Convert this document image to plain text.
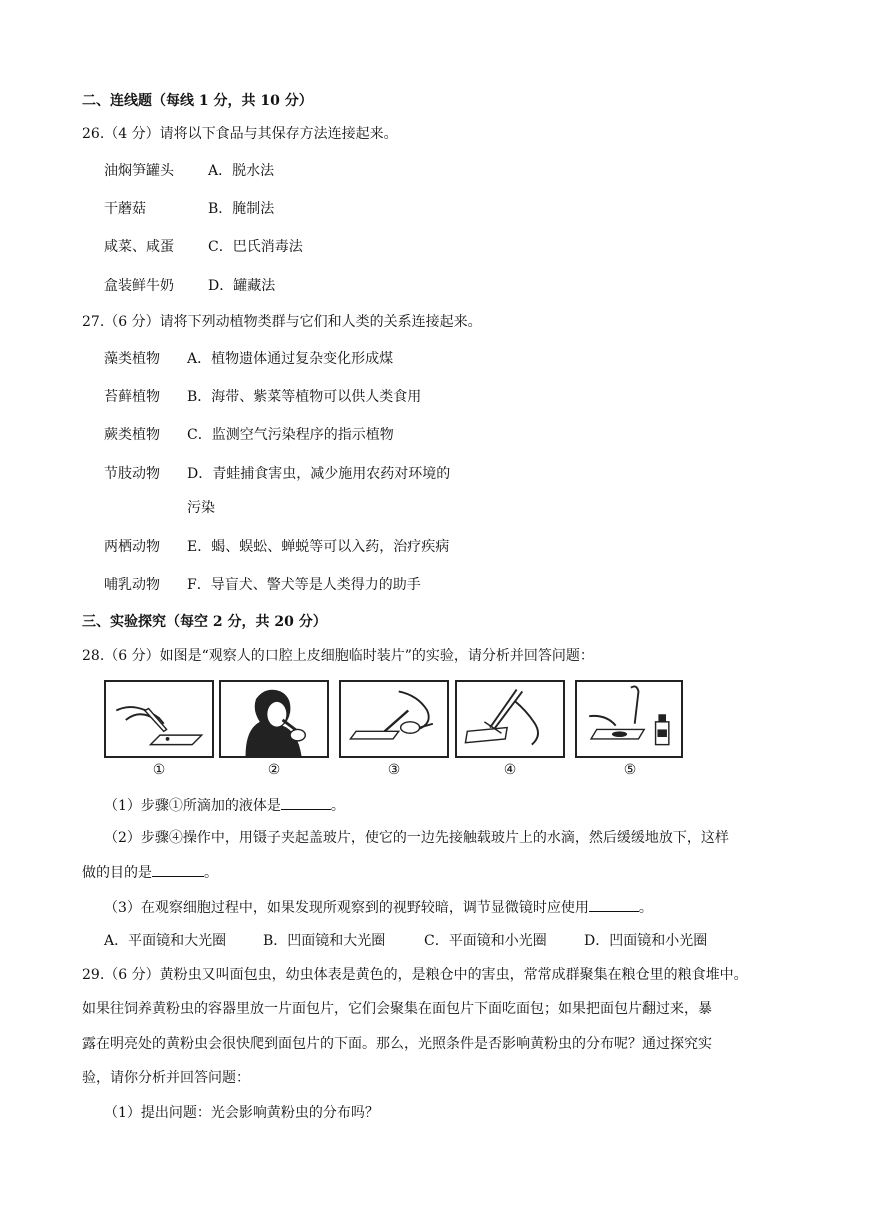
二、连线题（每线 1 分，共 10 分）
26.（4 分）请将以下食品与其保存方法连接起来。
油焖笋罐头 A．脱水法
干蘑菇	B．腌制法
咸菜、咸蛋 C．巴氏消毒法
盒装鲜牛奶 D．罐藏法
27.（6 分）请将下列动植物类群与它们和人类的关系连接起来。
藻类植物 A．植物遗体通过复杂变化形成煤
苔藓植物 B．海带、紫菜等植物可以供人类食用
蕨类植物 C．监测空气污染程序的指示植物
节肢动物 D．青蛙捕食害虫，减少施用农药对环境的
污染
两栖动物 E．蝎、蜈蚣、蝉蜕等可以入药，治疗疾病
哺乳动物 F．导盲犬、警犬等是人类得力的助手
三、实验探究（每空 2 分，共 20 分）
28.（6 分）如图是“观察人的口腔上皮细胞临时装片”的实验，请分析并回答问题：
①	②	③	④	⑤
（1）步骤①所滴加的液体是	。
（2）步骤④操作中，用镊子夹起盖玻片，使它的一边先接触载玻片上的水滴，然后缓缓地放下，这样
做的目的是	。
（3）在观察细胞过程中，如果发现所观察到的视野较暗，调节显微镜时应使用	。
A．平面镜和大光圈	B．凹面镜和大光圈	C．平面镜和小光圈	D．凹面镜和小光圈
29.（6 分）黄粉虫又叫面包虫，幼虫体表是黄色的，是粮仓中的害虫，常常成群聚集在粮仓里的粮食堆中。
如果往饲养黄粉虫的容器里放一片面包片，它们会聚集在面包片下面吃面包；如果把面包片翻过来，暴
露在明亮处的黄粉虫会很快爬到面包片的下面。那么，光照条件是否影响黄粉虫的分布呢？通过探究实
验，请你分析并回答问题：
（1）提出问题：光会影响黄粉虫的分布吗？
